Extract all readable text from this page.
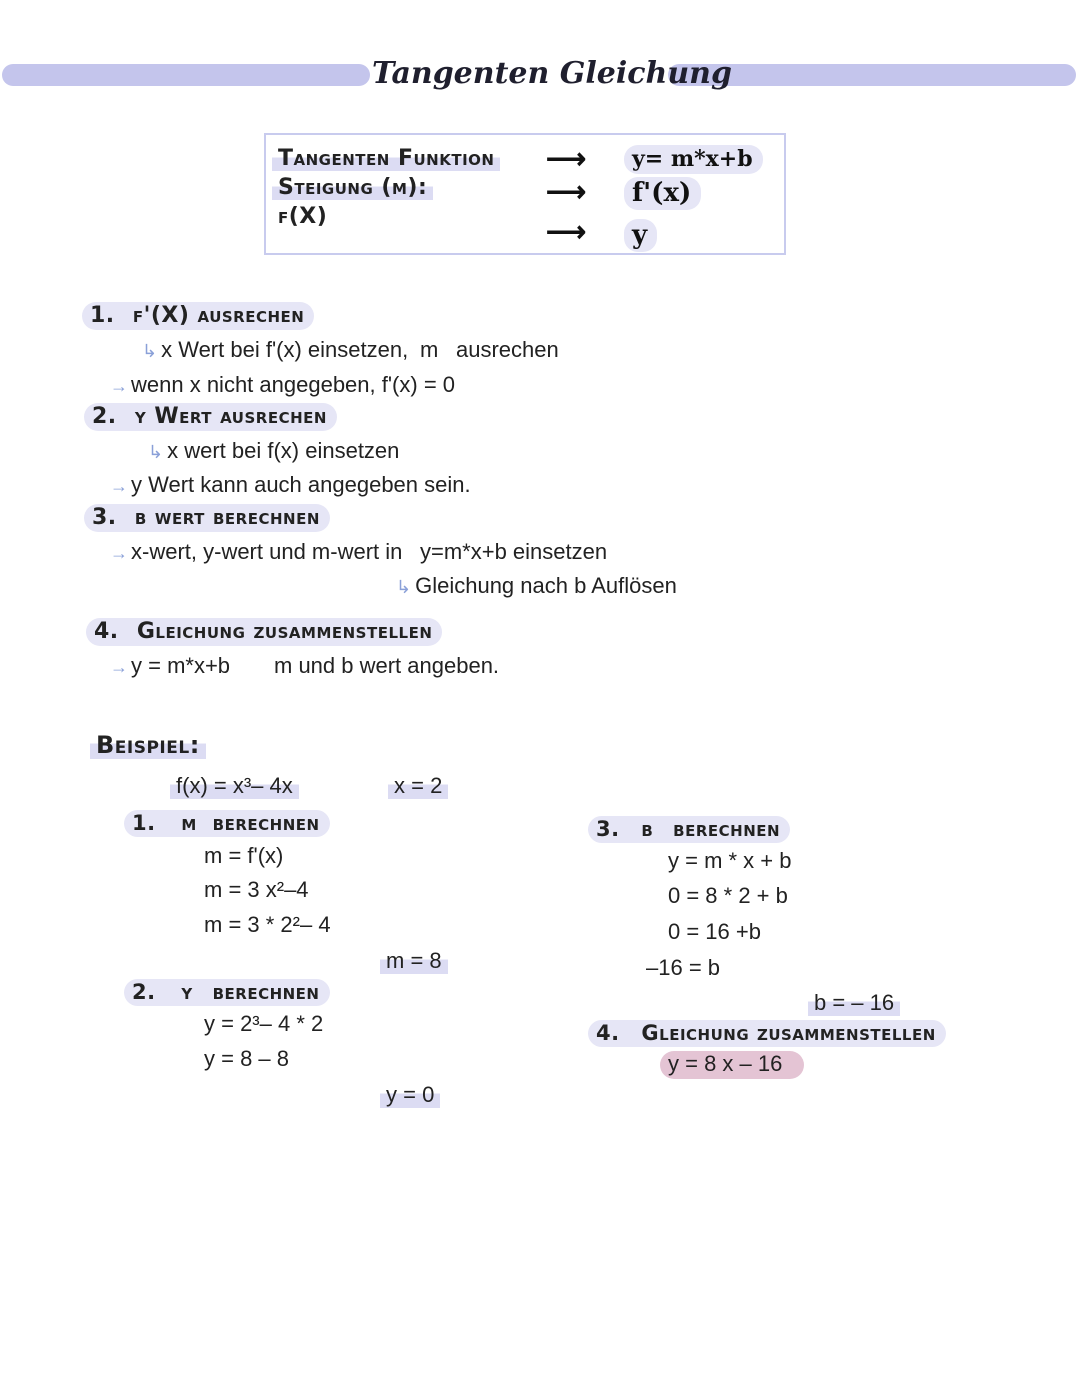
Tangenten Gleichung
Tangenten Funktion
Steigung (m):
f(X)
⟶
⟶
⟶
y= m*x+b
f'(x)
y
1. f'(X) ausrechen
↳ x Wert bei f'(x) einsetzen, m ausrechen
→ wenn x nicht angegeben, f'(x) = 0
2. y Wert ausrechen
↳ x wert bei f(x) einsetzen
→ y Wert kann auch angegeben sein.
3. b wert berechnen
→ x-wert, y-wert und m-wert in y=m*x+b einsetzen
↳ Gleichung nach b Auflösen
4. Gleichung zusammenstellen
→ y = m*x+b m und b wert angeben.
Beispiel:
f(x) = x³– 4x	x = 2
1. m berechnen
m = f'(x)
m = 3 x²–4
m = 3 * 2²– 4
m = 8
2. y berechnen
y = 2³– 4 * 2
y = 8 – 8
y = 0
3. b berechnen
y = m * x + b
0 = 8 * 2 + b
0 = 16 +b
–16 = b
b = – 16
4. Gleichung zusammenstellen
y = 8 x – 16
